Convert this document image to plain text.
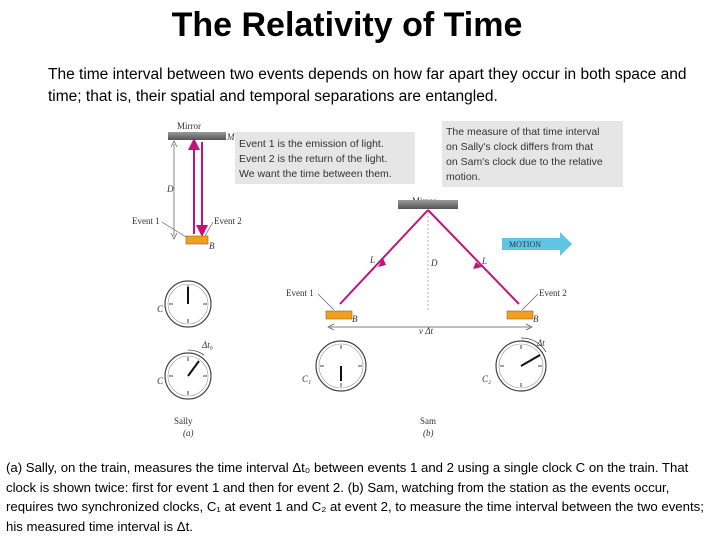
The Relativity of Time
The time interval between two events depends on how far apart they occur in both space and time; that is, their spatial and temporal separations are entangled.
Mirror
M
D
B
Event 1	Event 2
C
C
Δt₀
Sally
(a)
Event 1 is the emission of light. Event 2 is the return of the light. We want the time between them.
The measure of that time interval on Sally's clock differs from that on Sam's clock due to the relative motion.
MOTION
L	L
D
B	B
Event 1	Event 2
v Δt
C₁	C₂
Δt
Sam
(b)
(a) Sally, on the train, measures the time interval Δt₀ between events 1 and 2 using a single clock C on the train. That clock is shown twice: first for event 1 and then for event 2. (b) Sam, watching from the station as the events occur, requires two synchronized clocks, C₁ at event 1 and C₂ at event 2, to measure the time interval between the two events; his measured time interval is Δt.
